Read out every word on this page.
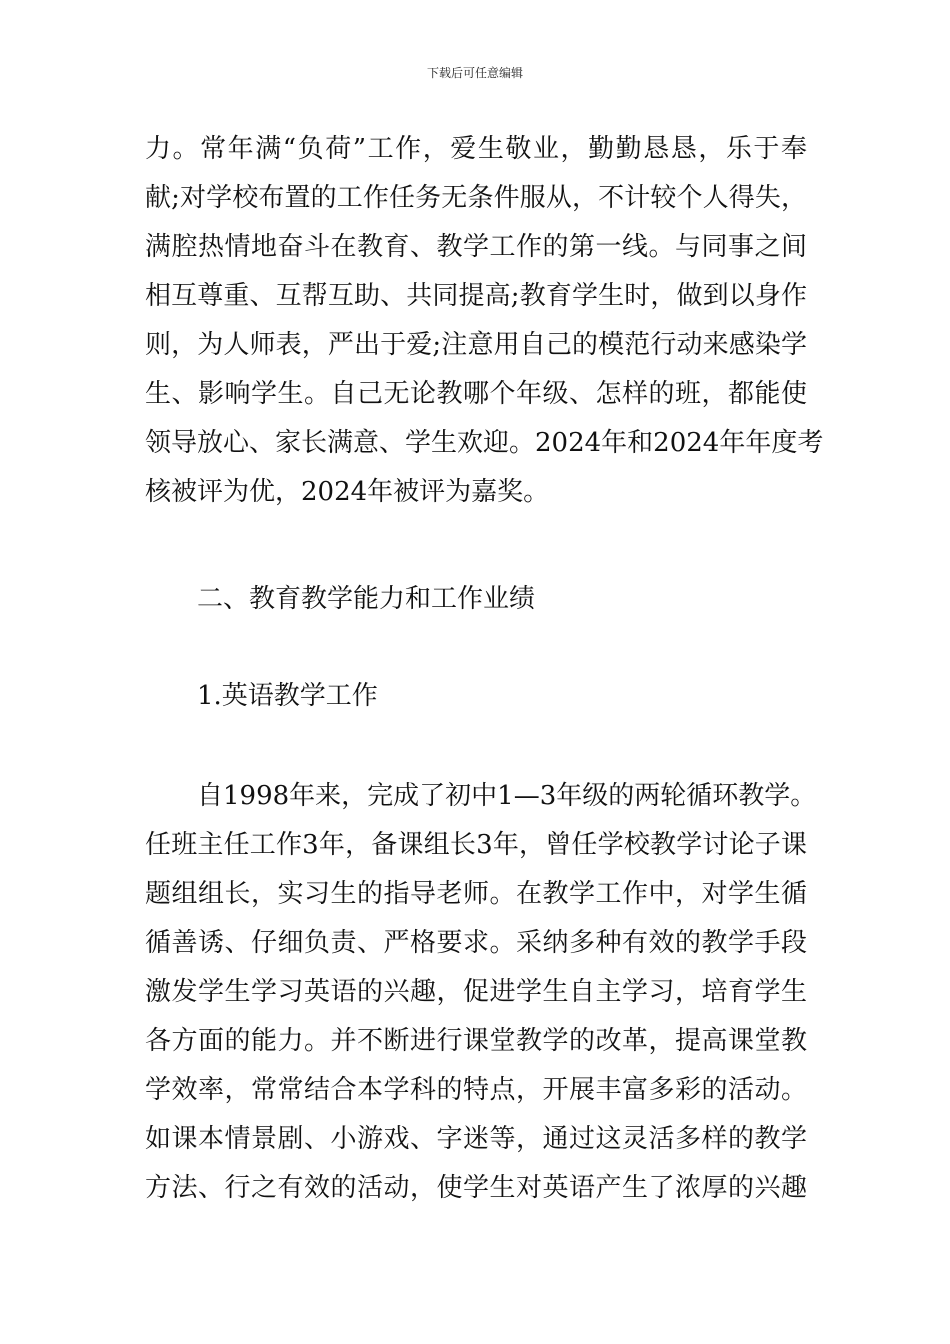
下载后可任意编辑
力。常年满“负荷”工作，爱生敬业，勤勤恳恳，乐于奉
献;对学校布置的工作任务无条件服从，不计较个人得失，
满腔热情地奋斗在教育、教学工作的第一线。与同事之间
相互尊重、互帮互助、共同提高;教育学生时，做到以身作
则，为人师表，严出于爱;注意用自己的模范行动来感染学
生、影响学生。自己无论教哪个年级、怎样的班，都能使
领导放心、家长满意、学生欢迎。2024年和2024年年度考
核被评为优，2024年被评为嘉奖。
二、教育教学能力和工作业绩
1.英语教学工作
　　自1998年来，完成了初中1—3年级的两轮循环教学。
任班主任工作3年，备课组长3年，曾任学校教学讨论子课
题组组长，实习生的指导老师。在教学工作中，对学生循
循善诱、仔细负责、严格要求。采纳多种有效的教学手段
激发学生学习英语的兴趣，促进学生自主学习，培育学生
各方面的能力。并不断进行课堂教学的改革，提高课堂教
学效率，常常结合本学科的特点，开展丰富多彩的活动。
如课本情景剧、小游戏、字迷等，通过这灵活多样的教学
方法、行之有效的活动，使学生对英语产生了浓厚的兴趣
